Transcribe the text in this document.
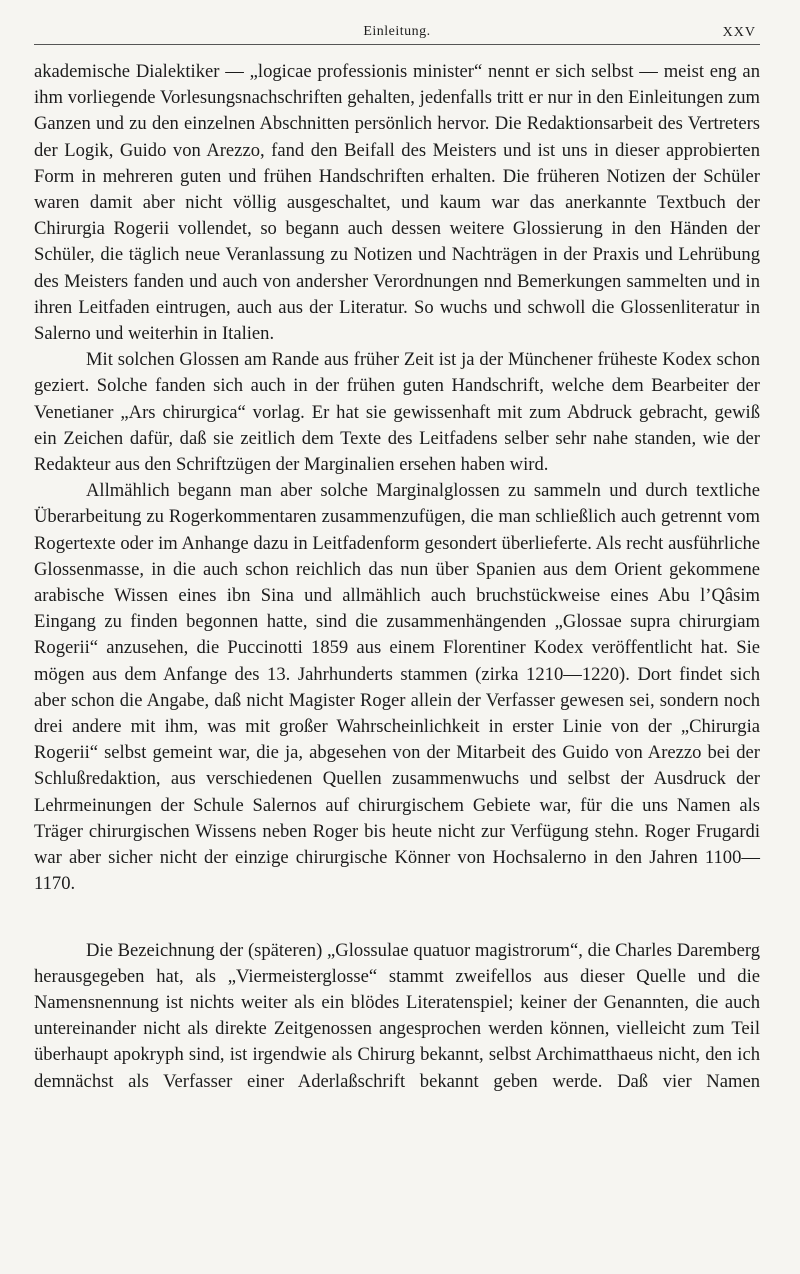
Einleitung.	XXV

akademische Dialektiker — „logicae professionis minister“ nennt er sich selbst — meist eng an ihm vorliegende Vorlesungsnachschriften gehalten, jedenfalls tritt er nur in den Einleitungen zum Ganzen und zu den einzelnen Abschnitten persönlich hervor. Die Redaktionsarbeit des Vertreters der Logik, Guido von Arezzo, fand den Beifall des Meisters und ist uns in dieser approbierten Form in mehreren guten und frühen Handschriften erhalten. Die früheren Notizen der Schüler waren damit aber nicht völlig ausgeschaltet, und kaum war das anerkannte Textbuch der Chirurgia Rogerii vollendet, so begann auch dessen weitere Glossierung in den Händen der Schüler, die täglich neue Veranlassung zu Notizen und Nachträgen in der Praxis und Lehrübung des Meisters fanden und auch von andersher Verordnungen nnd Bemerkungen sammelten und in ihren Leitfaden eintrugen, auch aus der Literatur. So wuchs und schwoll die Glossenliteratur in Salerno und weiterhin in Italien.

Mit solchen Glossen am Rande aus früher Zeit ist ja der Münchener früheste Kodex schon geziert. Solche fanden sich auch in der frühen guten Handschrift, welche dem Bearbeiter der Venetianer „Ars chirurgica“ vorlag. Er hat sie gewissenhaft mit zum Abdruck gebracht, gewiß ein Zeichen dafür, daß sie zeitlich dem Texte des Leitfadens selber sehr nahe standen, wie der Redakteur aus den Schriftzügen der Marginalien ersehen haben wird.

Allmählich begann man aber solche Marginalglossen zu sammeln und durch textliche Überarbeitung zu Rogerkommentaren zusammenzufügen, die man schließlich auch getrennt vom Rogertexte oder im Anhange dazu in Leitfadenform gesondert überlieferte. Als recht ausführliche Glossenmasse, in die auch schon reichlich das nun über Spanien aus dem Orient gekommene arabische Wissen eines ibn Sina und allmählich auch bruchstückweise eines Abu l’Qâsim Eingang zu finden begonnen hatte, sind die zusammenhängenden „Glossae supra chirurgiam Rogerii“ anzusehen, die Puccinotti 1859 aus einem Florentiner Kodex veröffentlicht hat. Sie mögen aus dem Anfange des 13. Jahrhunderts stammen (zirka 1210—1220). Dort findet sich aber schon die Angabe, daß nicht Magister Roger allein der Verfasser gewesen sei, sondern noch drei andere mit ihm, was mit großer Wahrscheinlichkeit in erster Linie von der „Chirurgia Rogerii“ selbst gemeint war, die ja, abgesehen von der Mitarbeit des Guido von Arezzo bei der Schlußredaktion, aus verschiedenen Quellen zusammenwuchs und selbst der Ausdruck der Lehrmeinungen der Schule Salernos auf chirurgischem Gebiete war, für die uns Namen als Träger chirurgischen Wissens neben Roger bis heute nicht zur Verfügung stehn. Roger Frugardi war aber sicher nicht der einzige chirurgische Könner von Hochsalerno in den Jahren 1100—1170.

Die Bezeichnung der (späteren) „Glossulae quatuor magistrorum“, die Charles Daremberg herausgegeben hat, als „Viermeisterglosse“ stammt zweifellos aus dieser Quelle und die Namensnennung ist nichts weiter als ein blödes Literatenspiel; keiner der Genannten, die auch untereinander nicht als direkte Zeitgenossen angesprochen werden können, vielleicht zum Teil überhaupt apokryph sind, ist irgendwie als Chirurg bekannt, selbst Archimatthaeus nicht, den ich demnächst als Verfasser einer Aderlaßschrift bekannt geben werde. Daß vier Namen
